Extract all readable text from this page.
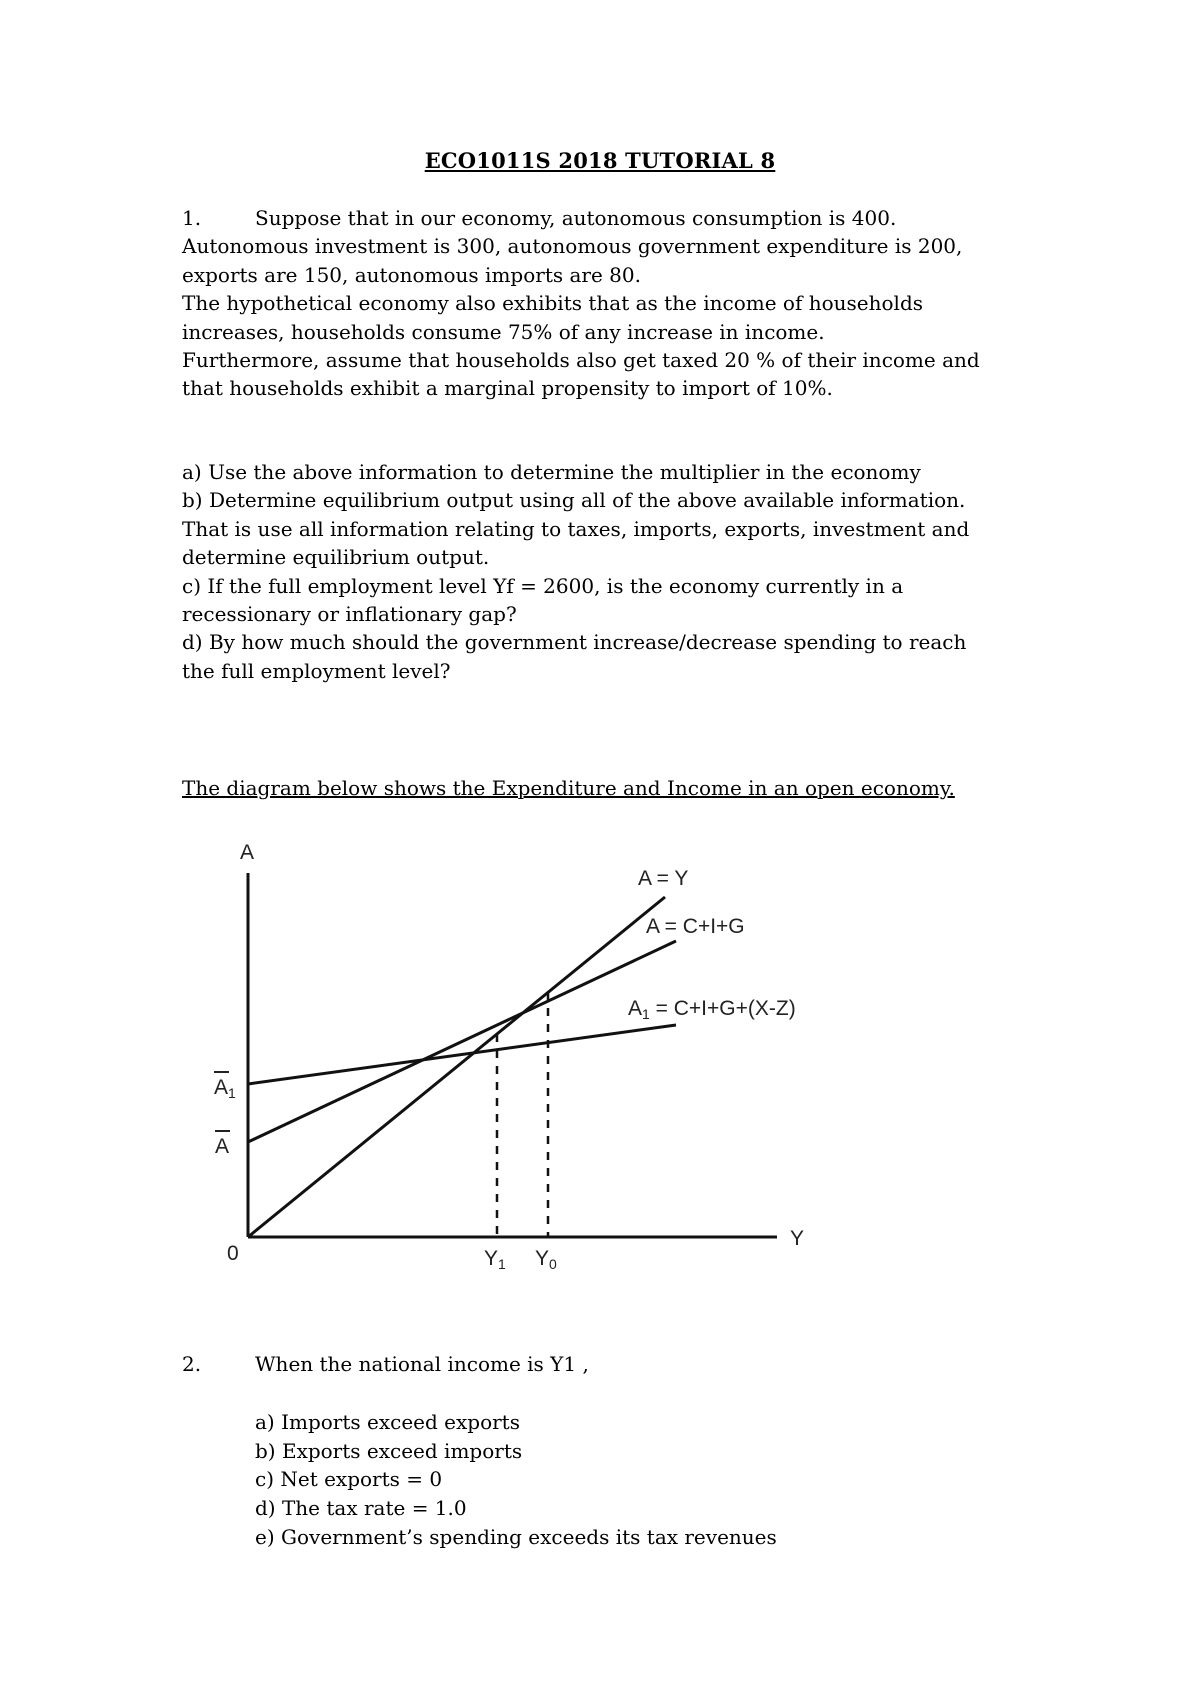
ECO1011S 2018 TUTORIAL 8
1.	Suppose that in our economy, autonomous consumption is 400.
Autonomous investment is 300, autonomous government expenditure is 200,
exports are 150, autonomous imports are 80.
The hypothetical economy also exhibits that as the income of households
increases, households consume 75% of any increase in income.
Furthermore, assume that households also get taxed 20 % of their income and
that households exhibit a marginal propensity to import of 10%.
a) Use the above information to determine the multiplier in the economy
b) Determine equilibrium output using all of the above available information.
That is use all information relating to taxes, imports, exports, investment and
determine equilibrium output.
c) If the full employment level Yf = 2600, is the economy currently in a
recessionary or inflationary gap?
d) By how much should the government increase/decrease spending to reach
the full employment level?
The diagram below shows the Expenditure and Income in an open economy.
A
Y
0
A1
A
Y1 Y0
A = Y
A = C+I+G
A1 = C+I+G+(X-Z)
2.	When the national income is Y1 ,
a) Imports exceed exports
b) Exports exceed imports
c) Net exports = 0
d) The tax rate = 1.0
e) Government’s spending exceeds its tax revenues
